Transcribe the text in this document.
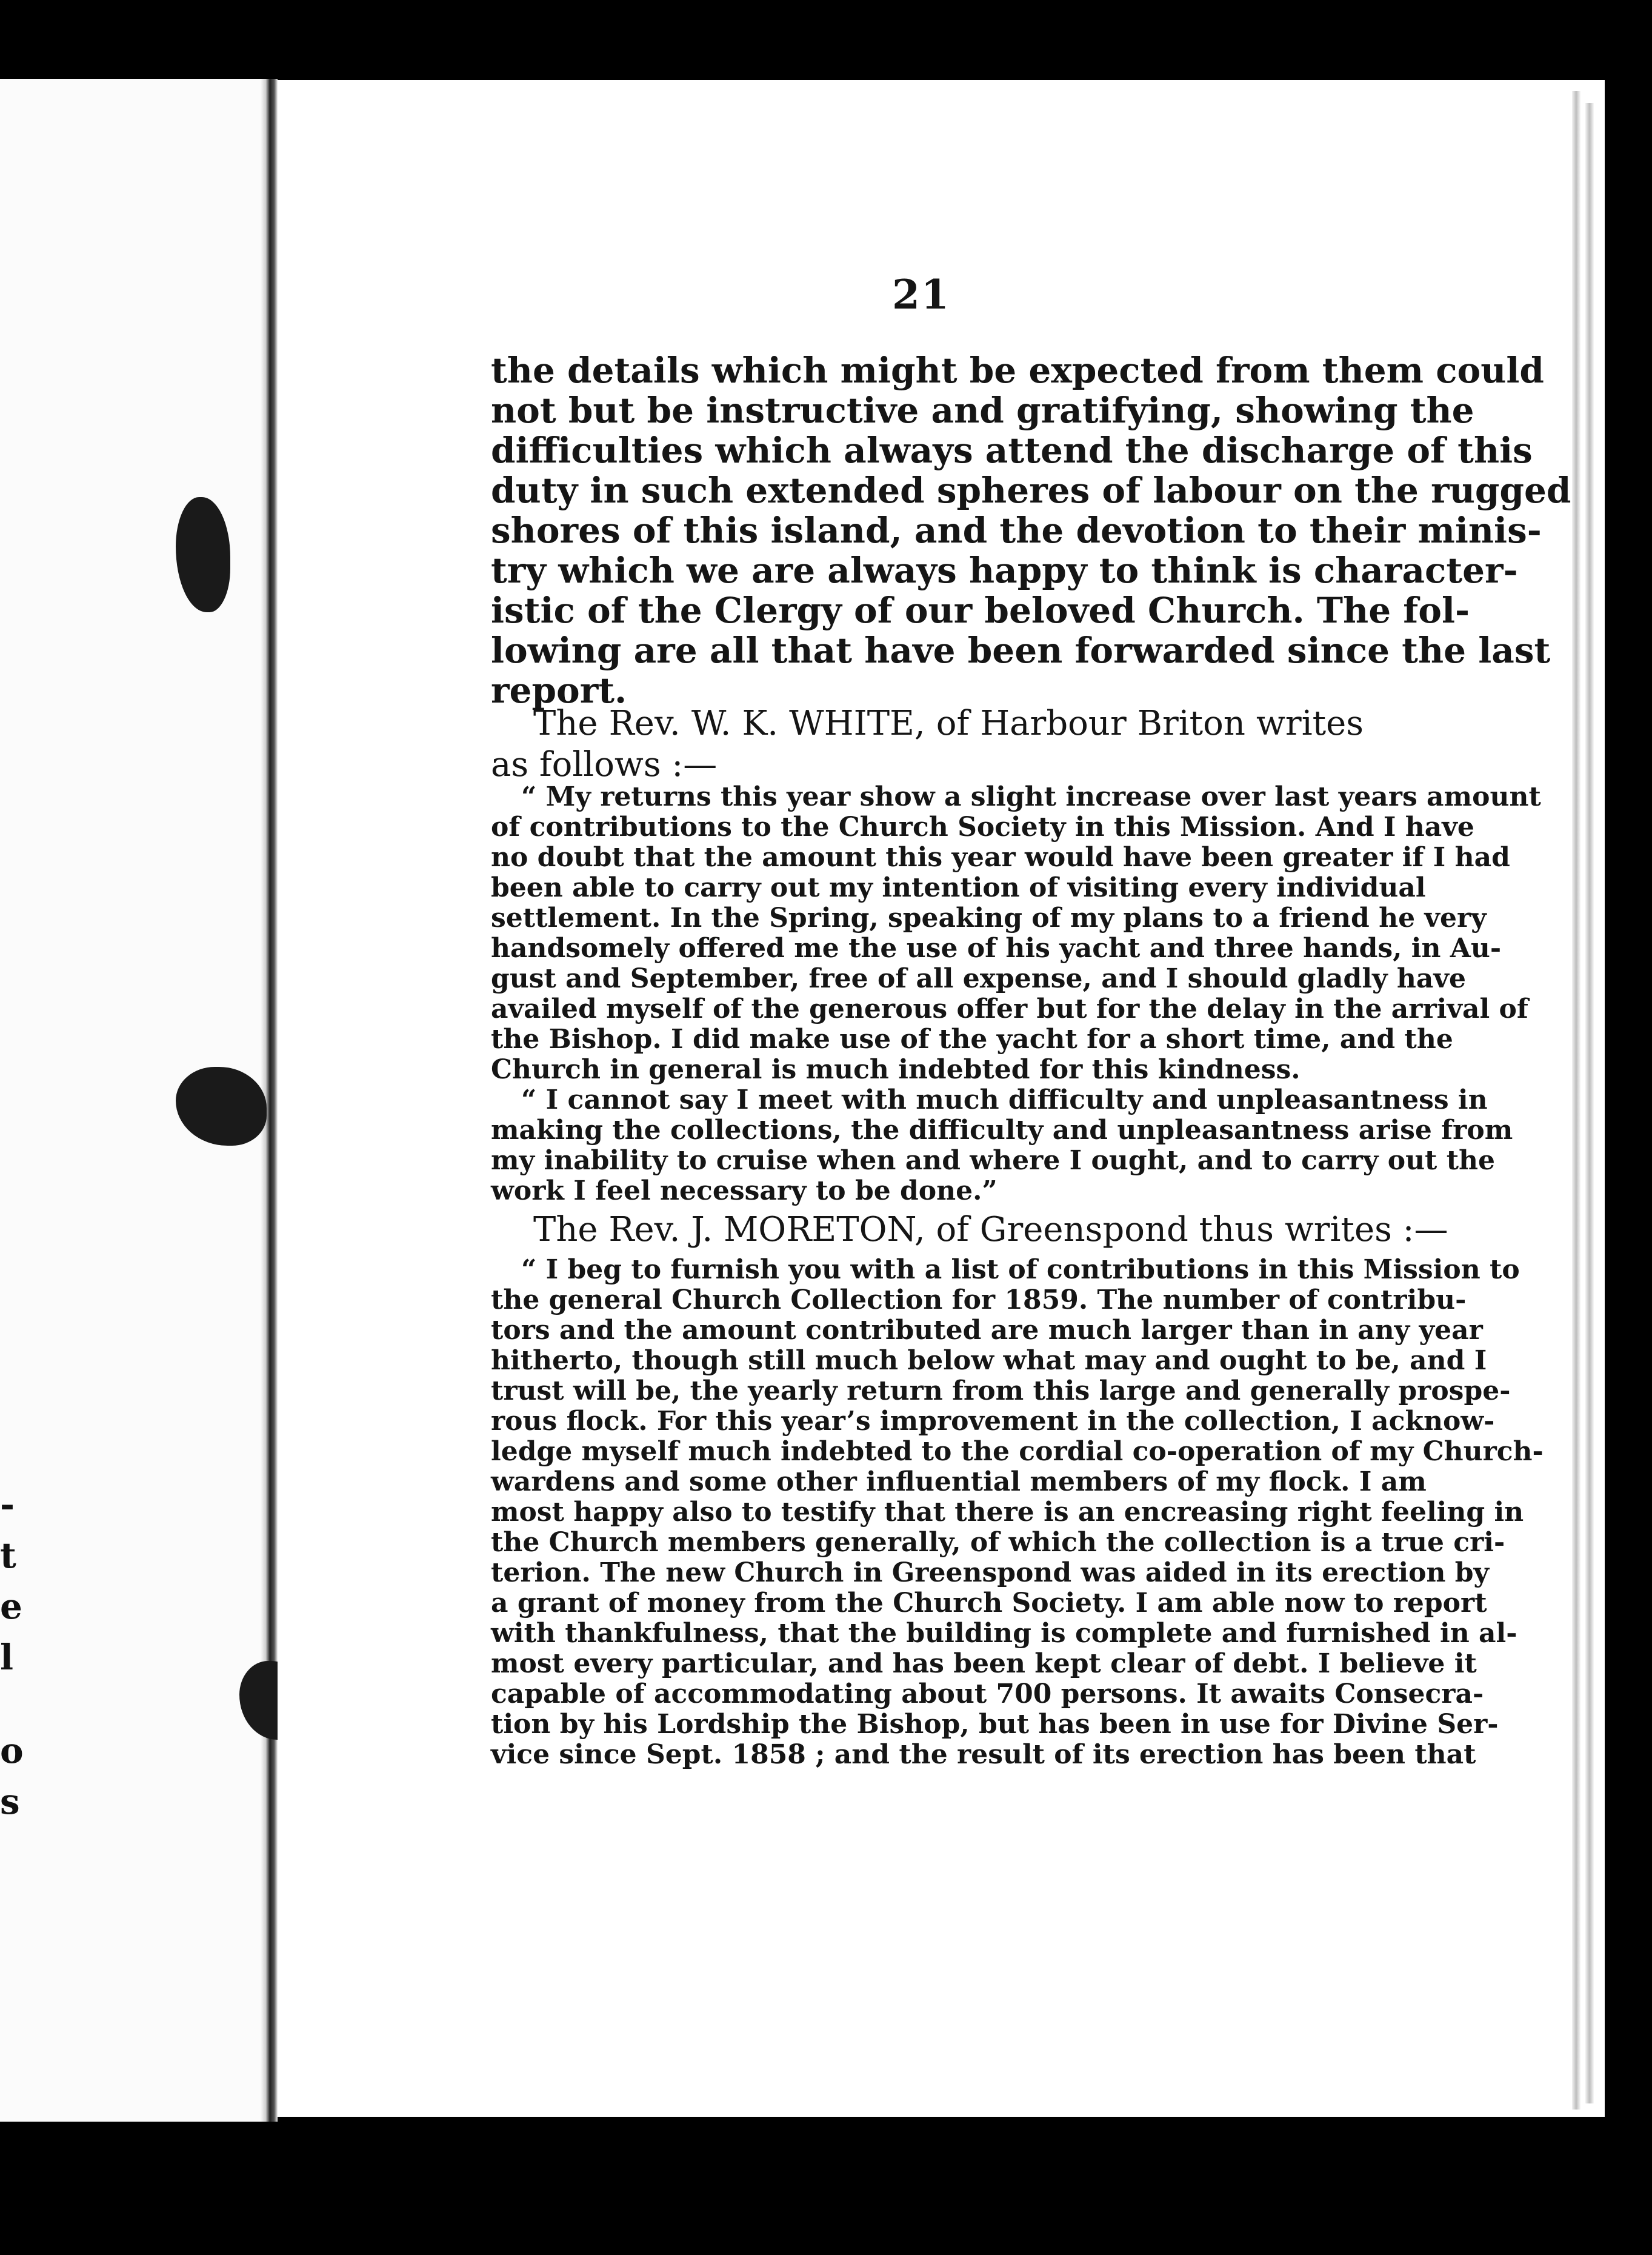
-
t
e
l
o
s
21
the details which might be expected from them could
not but be instructive and gratifying, showing the
difficulties which always attend the discharge of this
duty in such extended spheres of labour on the rugged
shores of this island, and the devotion to their minis-
try which we are always happy to think is character-
istic of the Clergy of our beloved Church. The fol-
lowing are all that have been forwarded since the last
report.
The Rev. W. K. WHITE, of Harbour Briton writes
as follows :—
“ My returns this year show a slight increase over last years amount
of contributions to the Church Society in this Mission. And I have
no doubt that the amount this year would have been greater if I had
been able to carry out my intention of visiting every individual
settlement. In the Spring, speaking of my plans to a friend he very
handsomely offered me the use of his yacht and three hands, in Au-
gust and September, free of all expense, and I should gladly have
availed myself of the generous offer but for the delay in the arrival of
the Bishop. I did make use of the yacht for a short time, and the
Church in general is much indebted for this kindness.
“ I cannot say I meet with much difficulty and unpleasantness in
making the collections, the difficulty and unpleasantness arise from
my inability to cruise when and where I ought, and to carry out the
work I feel necessary to be done.”
The Rev. J. MORETON, of Greenspond thus writes :—
“ I beg to furnish you with a list of contributions in this Mission to
the general Church Collection for 1859. The number of contribu-
tors and the amount contributed are much larger than in any year
hitherto, though still much below what may and ought to be, and I
trust will be, the yearly return from this large and generally prospe-
rous flock. For this year’s improvement in the collection, I acknow-
ledge myself much indebted to the cordial co-operation of my Church-
wardens and some other influential members of my flock. I am
most happy also to testify that there is an encreasing right feeling in
the Church members generally, of which the collection is a true cri-
terion. The new Church in Greenspond was aided in its erection by
a grant of money from the Church Society. I am able now to report
with thankfulness, that the building is complete and furnished in al-
most every particular, and has been kept clear of debt. I believe it
capable of accommodating about 700 persons. It awaits Consecra-
tion by his Lordship the Bishop, but has been in use for Divine Ser-
vice since Sept. 1858 ; and the result of its erection has been that
